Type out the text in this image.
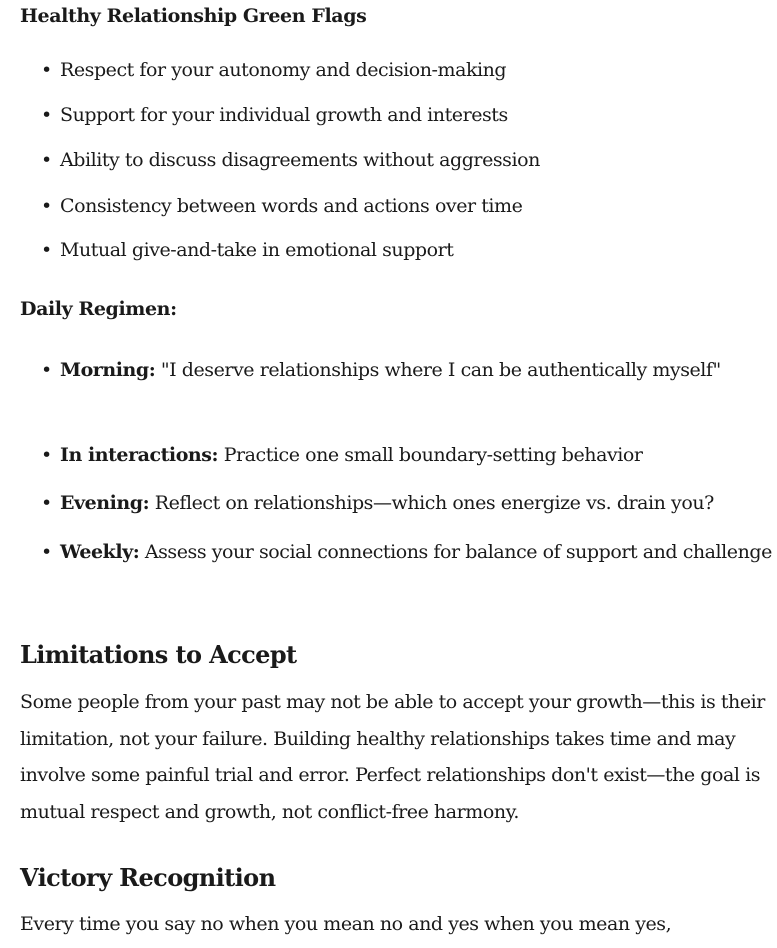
Healthy Relationship Green Flags
• Respect for your autonomy and decision-making
• Support for your individual growth and interests
• Ability to discuss disagreements without aggression
• Consistency between words and actions over time
• Mutual give-and-take in emotional support
Daily Regimen:
• Morning: "I deserve relationships where I can be authentically myself"
• In interactions: Practice one small boundary-setting behavior
• Evening: Reflect on relationships—which ones energize vs. drain you?
• Weekly: Assess your social connections for balance of support and challenge
Limitations to Accept

Some people from your past may not be able to accept your growth—this is their limitation, not your failure. Building healthy relationships takes time and may involve some painful trial and error. Perfect relationships don't exist—the goal is mutual respect and growth, not conflict-free harmony.

Victory Recognition

Every time you say no when you mean no and yes when you mean yes,
